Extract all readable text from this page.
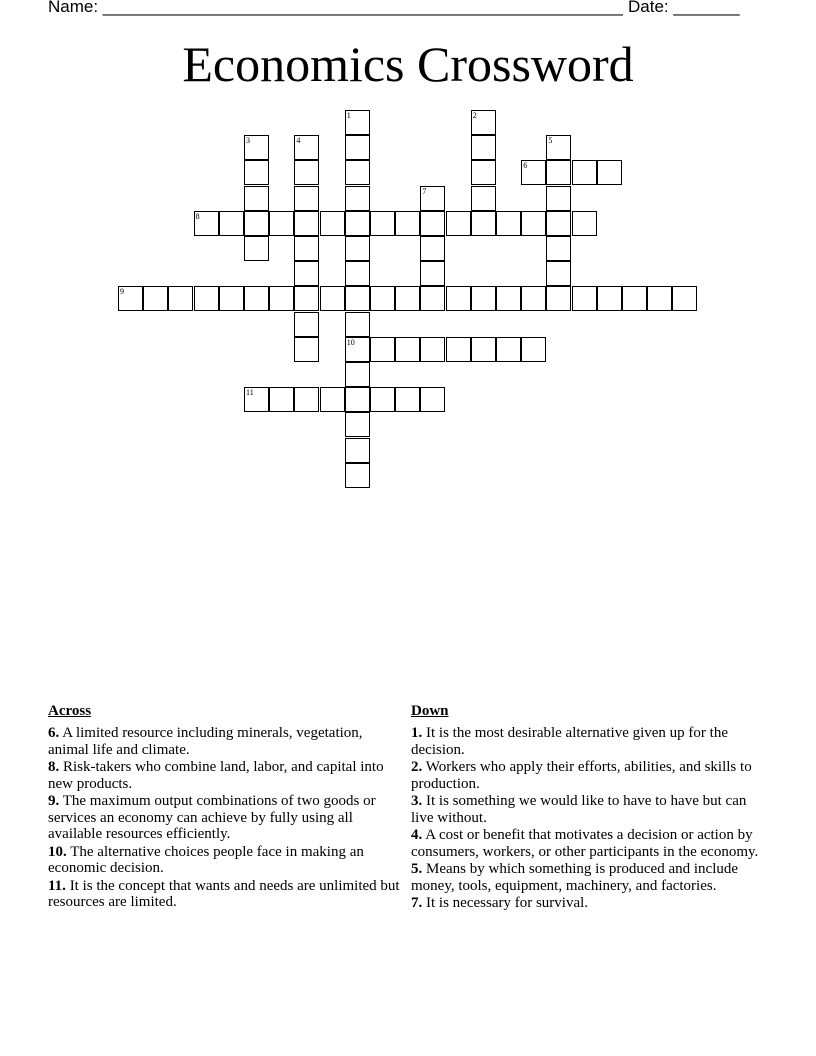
Name: _______________________________________________________ Date: _______
Economics Crossword
6
8
9
10
11
1	2
3	4	5
7
Across
6. A limited resource including minerals, vegetation, animal life and climate.
8. Risk-takers who combine land, labor, and capital into new products.
9. The maximum output combinations of two goods or services an economy can achieve by fully using all available resources efficiently.
10. The alternative choices people face in making an economic decision.
11. It is the concept that wants and needs are unlimited but resources are limited.
Down
1. It is the most desirable alternative given up for the decision.
2. Workers who apply their efforts, abilities, and skills to production.
3. It is something we would like to have to have but can live without.
4. A cost or benefit that motivates a decision or action by consumers, workers, or other participants in the economy.
5. Means by which something is produced and include money, tools, equipment, machinery, and factories.
7. It is necessary for survival.
